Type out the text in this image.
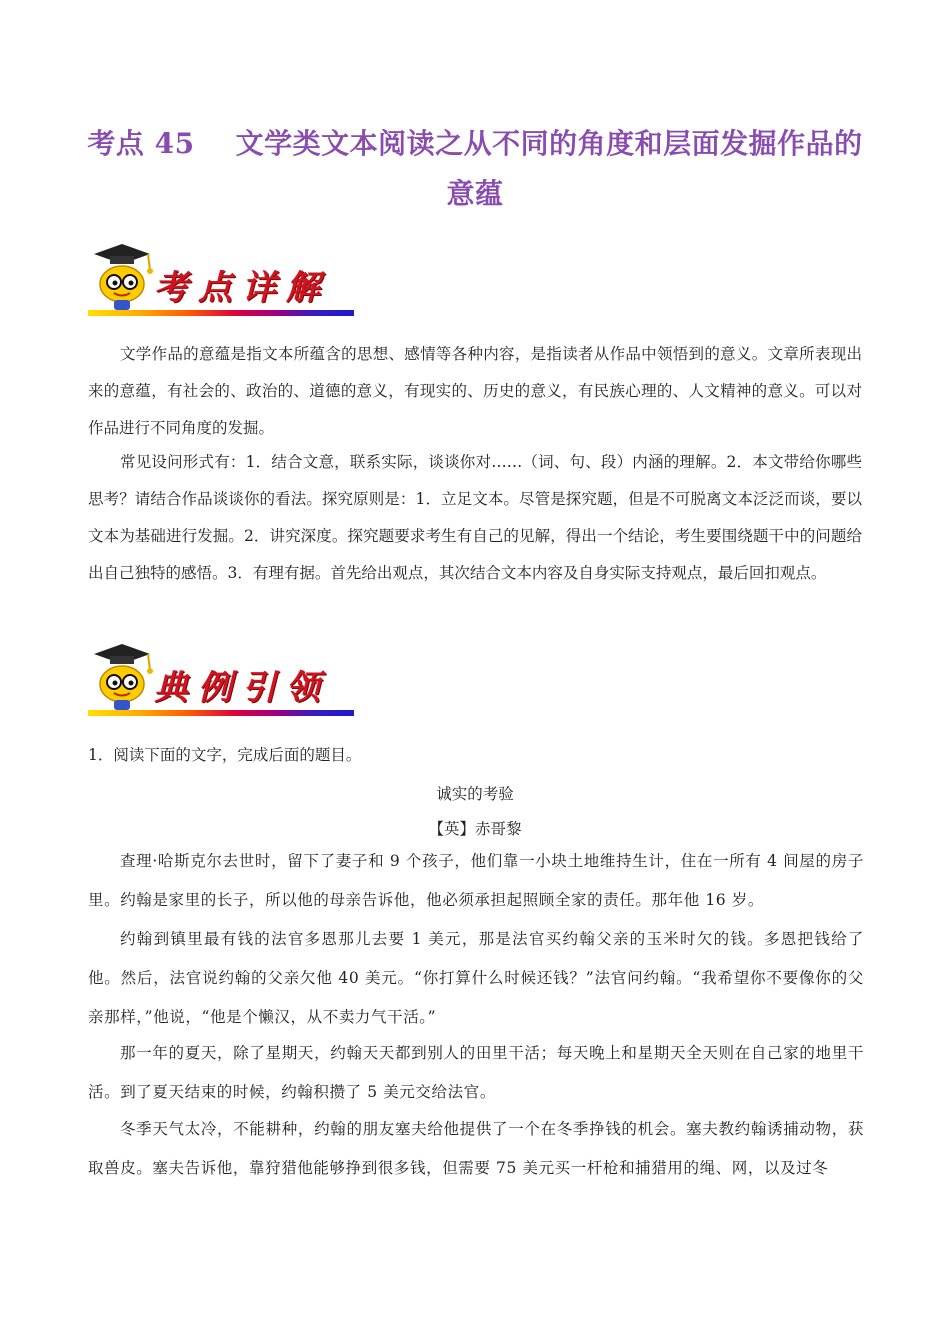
考点 45 文学类文本阅读之从不同的角度和层面发掘作品的
意蕴
考点详解

文学作品的意蕴是指文本所蕴含的思想、感情等各种内容，是指读者从作品中领悟到的意义。文章所表现出来的意蕴，有社会的、政治的、道德的意义，有现实的、历史的意义，有民族心理的、人文精神的意义。可以对作品进行不同角度的发掘。

常见设问形式有：1．结合文意，联系实际，谈谈你对……（词、句、段）内涵的理解。2．本文带给你哪些思考？请结合作品谈谈你的看法。探究原则是：1．立足文本。尽管是探究题，但是不可脱离文本泛泛而谈，要以文本为基础进行发掘。2．讲究深度。探究题要求考生有自己的见解，得出一个结论，考生要围绕题干中的问题给出自己独特的感悟。3．有理有据。首先给出观点，其次结合文本内容及自身实际支持观点，最后回扣观点。

典例引领

1．阅读下面的文字，完成后面的题目。

诚实的考验

【英】赤哥黎

查理·哈斯克尔去世时，留下了妻子和 9 个孩子，他们靠一小块土地维持生计，住在一所有 4 间屋的房子里。约翰是家里的长子，所以他的母亲告诉他，他必须承担起照顾全家的责任。那年他 16 岁。

约翰到镇里最有钱的法官多恩那儿去要 1 美元，那是法官买约翰父亲的玉米时欠的钱。多恩把钱给了他。然后，法官说约翰的父亲欠他 40 美元。“你打算什么时候还钱？”法官问约翰。“我希望你不要像你的父亲那样，”他说，“他是个懒汉，从不卖力气干活。”

那一年的夏天，除了星期天，约翰天天都到别人的田里干活；每天晚上和星期天全天则在自己家的地里干活。到了夏天结束的时候，约翰积攒了 5 美元交给法官。

冬季天气太冷，不能耕种，约翰的朋友塞夫给他提供了一个在冬季挣钱的机会。塞夫教约翰诱捕动物，获取兽皮。塞夫告诉他，靠狩猎他能够挣到很多钱，但需要 75 美元买一杆枪和捕猎用的绳、网，以及过冬
